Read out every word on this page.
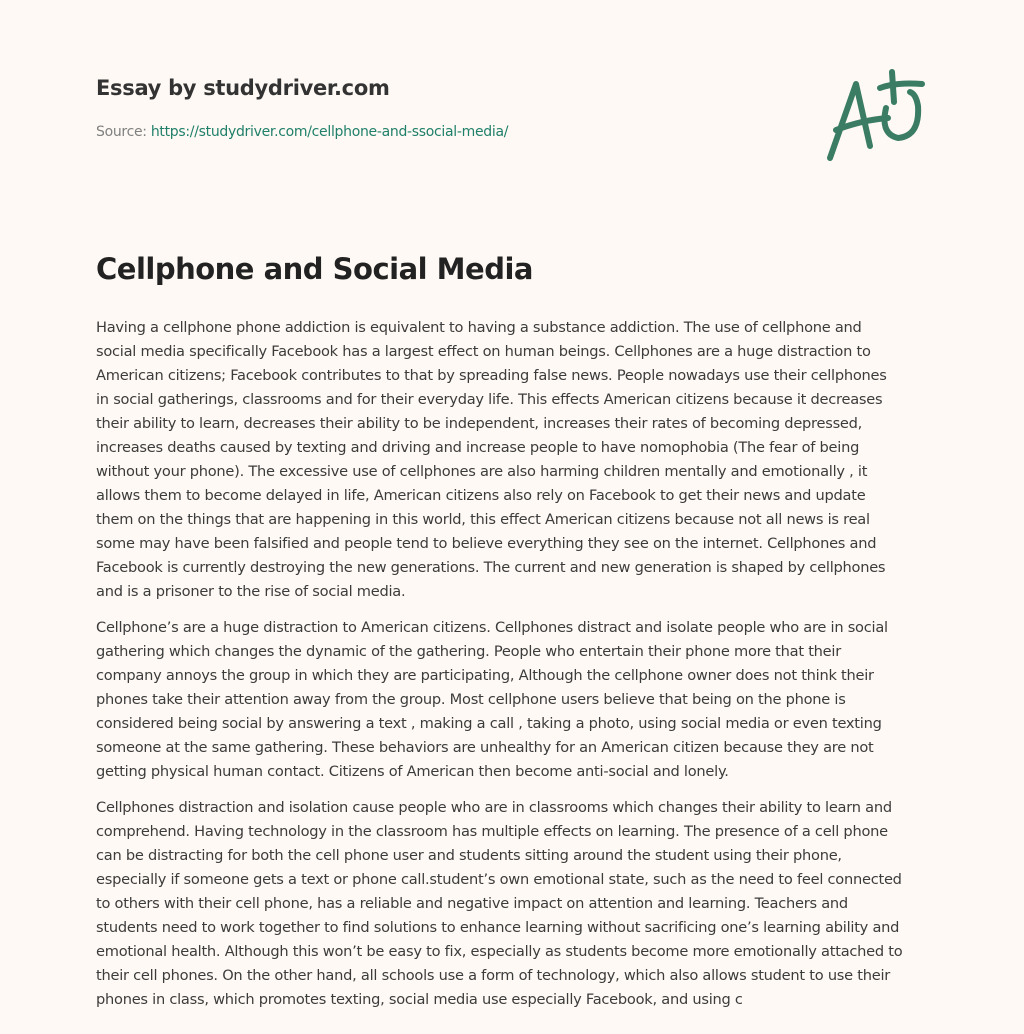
Essay by studydriver.com
Source: https://studydriver.com/cellphone-and-ssocial-media/
Cellphone and Social Media

Having a cellphone phone addiction is equivalent to having a substance addiction. The use of cellphone and
social media specifically Facebook has a largest effect on human beings. Cellphones are a huge distraction to
American citizens; Facebook contributes to that by spreading false news. People nowadays use their cellphones
in social gatherings, classrooms and for their everyday life. This effects American citizens because it decreases
their ability to learn, decreases their ability to be independent, increases their rates of becoming depressed,
increases deaths caused by texting and driving and increase people to have nomophobia (The fear of being
without your phone). The excessive use of cellphones are also harming children mentally and emotionally , it
allows them to become delayed in life, American citizens also rely on Facebook to get their news and update
them on the things that are happening in this world, this effect American citizens because not all news is real
some may have been falsified and people tend to believe everything they see on the internet. Cellphones and
Facebook is currently destroying the new generations. The current and new generation is shaped by cellphones
and is a prisoner to the rise of social media.

Cellphone’s are a huge distraction to American citizens. Cellphones distract and isolate people who are in social
gathering which changes the dynamic of the gathering. People who entertain their phone more that their
company annoys the group in which they are participating, Although the cellphone owner does not think their
phones take their attention away from the group. Most cellphone users believe that being on the phone is
considered being social by answering a text , making a call , taking a photo, using social media or even texting
someone at the same gathering. These behaviors are unhealthy for an American citizen because they are not
getting physical human contact. Citizens of American then become anti-social and lonely.

Cellphones distraction and isolation cause people who are in classrooms which changes their ability to learn and
comprehend. Having technology in the classroom has multiple effects on learning. The presence of a cell phone
can be distracting for both the cell phone user and students sitting around the student using their phone,
especially if someone gets a text or phone call.student’s own emotional state, such as the need to feel connected
to others with their cell phone, has a reliable and negative impact on attention and learning. Teachers and
students need to work together to find solutions to enhance learning without sacrificing one’s learning ability and
emotional health. Although this won’t be easy to fix, especially as students become more emotionally attached to
their cell phones. On the other hand, all schools use a form of technology, which also allows student to use their
phones in class, which promotes texting, social media use especially Facebook, and using c
